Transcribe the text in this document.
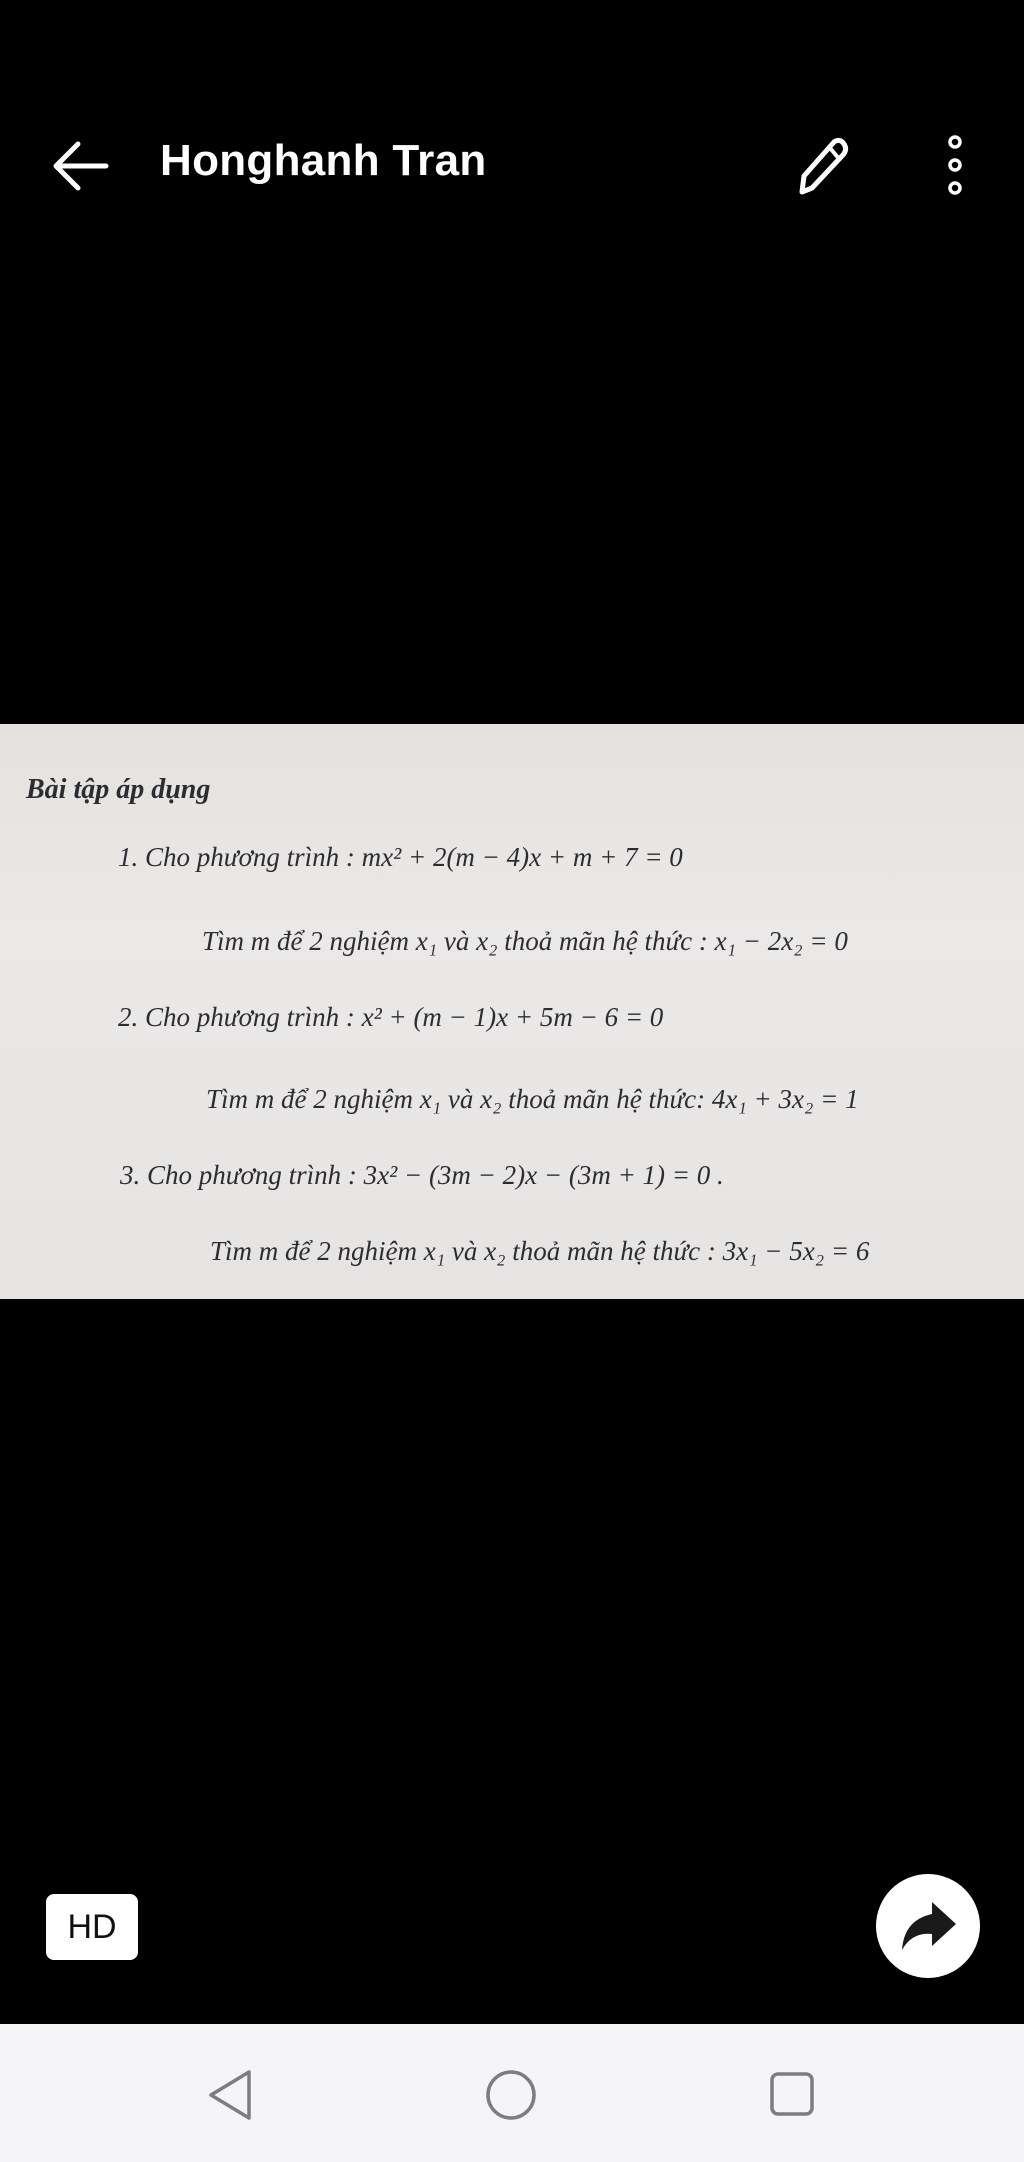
Honghanh Tran
Bài tập áp dụng
1. Cho phương trình : mx² + 2(m − 4)x + m + 7 = 0
Tìm m để 2 nghiệm x₁ và x₂ thoả mãn hệ thức : x₁ − 2x₂ = 0
2. Cho phương trình : x² + (m − 1)x + 5m − 6 = 0
Tìm m để 2 nghiệm x₁ và x₂ thoả mãn hệ thức: 4x₁ + 3x₂ = 1
3. Cho phương trình : 3x² − (3m − 2)x − (3m + 1) = 0 .
Tìm m để 2 nghiệm x₁ và x₂ thoả mãn hệ thức : 3x₁ − 5x₂ = 6
HD
